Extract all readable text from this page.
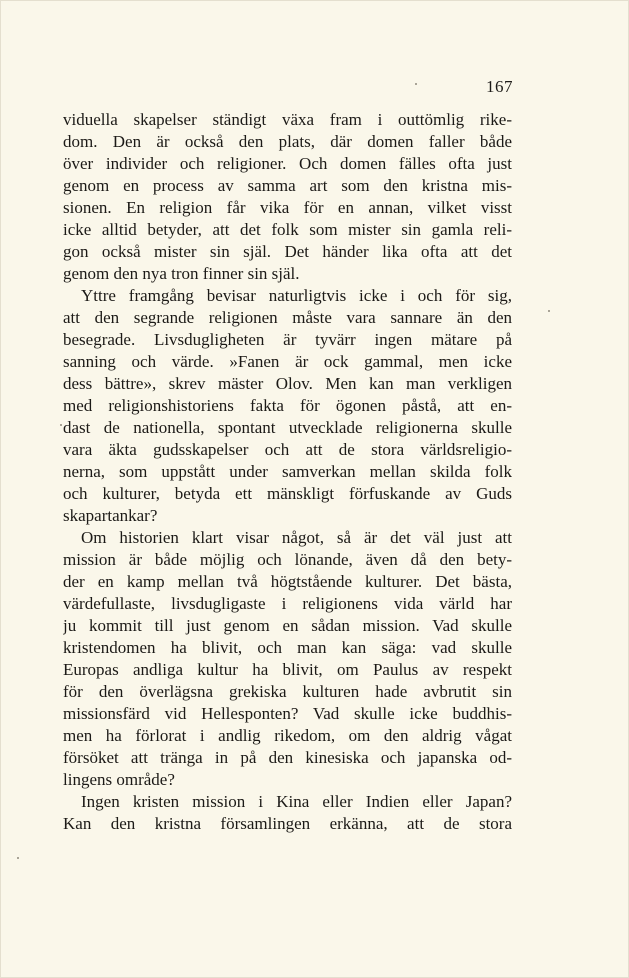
167
viduella skapelser ständigt växa fram i outtömlig rike-
dom. Den är också den plats, där domen faller både
över individer och religioner. Och domen fälles ofta just
genom en process av samma art som den kristna mis-
sionen. En religion får vika för en annan, vilket visst
icke alltid betyder, att det folk som mister sin gamla reli-
gon också mister sin själ. Det händer lika ofta att det
genom den nya tron finner sin själ.
Yttre framgång bevisar naturligtvis icke i och för sig,
att den segrande religionen måste vara sannare än den
besegrade. Livsdugligheten är tyvärr ingen mätare på
sanning och värde. »Fanen är ock gammal, men icke
dess bättre», skrev mäster Olov. Men kan man verkligen
med religionshistoriens fakta för ögonen påstå, att en-
dast de nationella, spontant utvecklade religionerna skulle
vara äkta gudsskapelser och att de stora världsreligio-
nerna, som uppstått under samverkan mellan skilda folk
och kulturer, betyda ett mänskligt förfuskande av Guds
skapartankar?
Om historien klart visar något, så är det väl just att
mission är både möjlig och lönande, även då den bety-
der en kamp mellan två högtstående kulturer. Det bästa,
värdefullaste, livsdugligaste i religionens vida värld har
ju kommit till just genom en sådan mission. Vad skulle
kristendomen ha blivit, och man kan säga: vad skulle
Europas andliga kultur ha blivit, om Paulus av respekt
för den överlägsna grekiska kulturen hade avbrutit sin
missionsfärd vid Hellesponten? Vad skulle icke buddhis-
men ha förlorat i andlig rikedom, om den aldrig vågat
försöket att tränga in på den kinesiska och japanska od-
lingens område?
Ingen kristen mission i Kina eller Indien eller Japan?
Kan den kristna församlingen erkänna, att de stora
